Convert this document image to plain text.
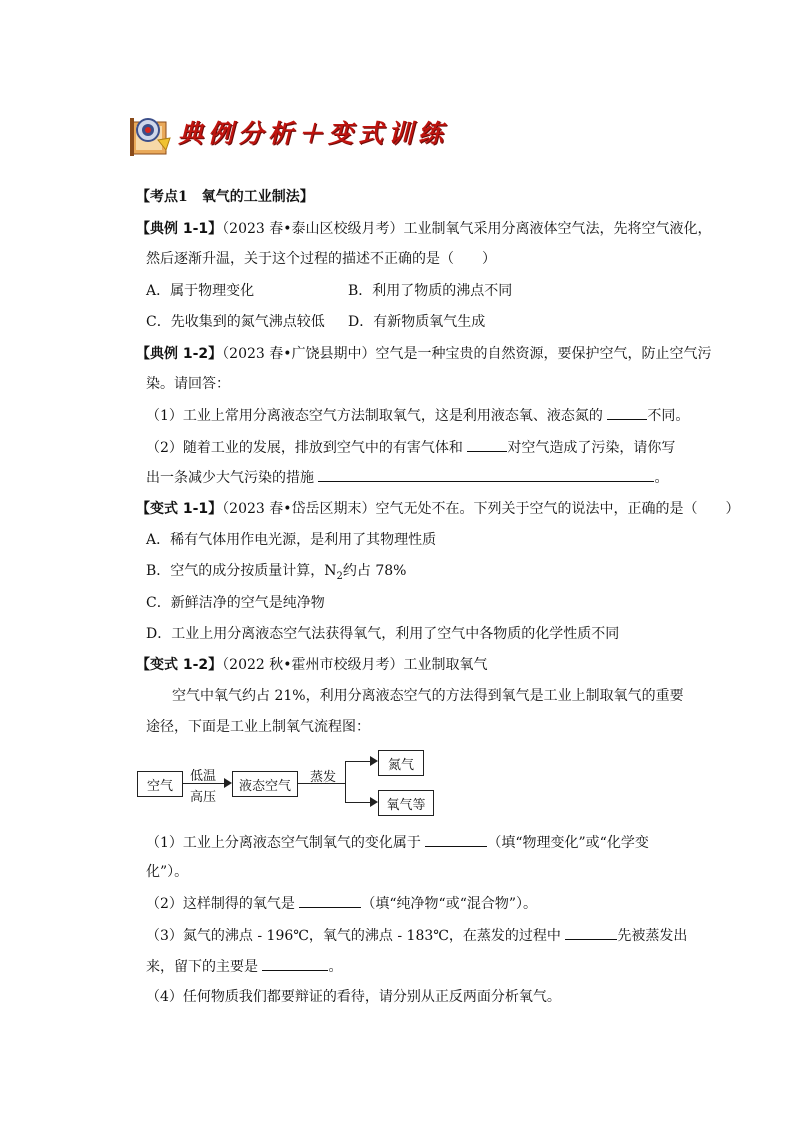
典例分析＋变式训练
【考点1　氧气的工业制法】
【典例 1-1】（2023 春•泰山区校级月考）工业制氧气采用分离液体空气法，先将空气液化，
然后逐渐升温，关于这个过程的描述不正确的是（　　）
A．属于物理变化	B．利用了物质的沸点不同
C．先收集到的氮气沸点较低 D．有新物质氧气生成
【典例 1-2】（2023 春•广饶县期中）空气是一种宝贵的自然资源，要保护空气，防止空气污
染。请回答：
（1）工业上常用分离液态空气方法制取氧气，这是利用液态氧、液态氮的	不同。
（2）随着工业的发展，排放到空气中的有害气体和	对空气造成了污染，请你写
出一条减少大气污染的措施	。
【变式 1-1】（2023 春•岱岳区期末）空气无处不在。下列关于空气的说法中，正确的是（　　）
A．稀有气体用作电光源，是利用了其物理性质
B．空气的成分按质量计算，$N_2$约占 78%
C．新鲜洁净的空气是纯净物
D．工业上用分离液态空气法获得氧气，利用了空气中各物质的化学性质不同
【变式 1-2】（2022 秋•霍州市校级月考）工业制取氧气
空气中氧气约占 21%，利用分离液态空气的方法得到氧气是工业上制取氧气的重要
途径，下面是工业上制氧气流程图：
空气
低温
高压
液态空气
蒸发
氮气
氧气等
（1）工业上分离液态空气制氧气的变化属于	（填“物理变化”或“化学变
化”）。
（2）这样制得的氧气是	（填“纯净物“或“混合物”）。
（3）氮气的沸点 - 196℃，氧气的沸点 - 183℃，在蒸发的过程中	先被蒸发出
来，留下的主要是	。
（4）任何物质我们都要辩证的看待，请分别从正反两面分析氧气。
